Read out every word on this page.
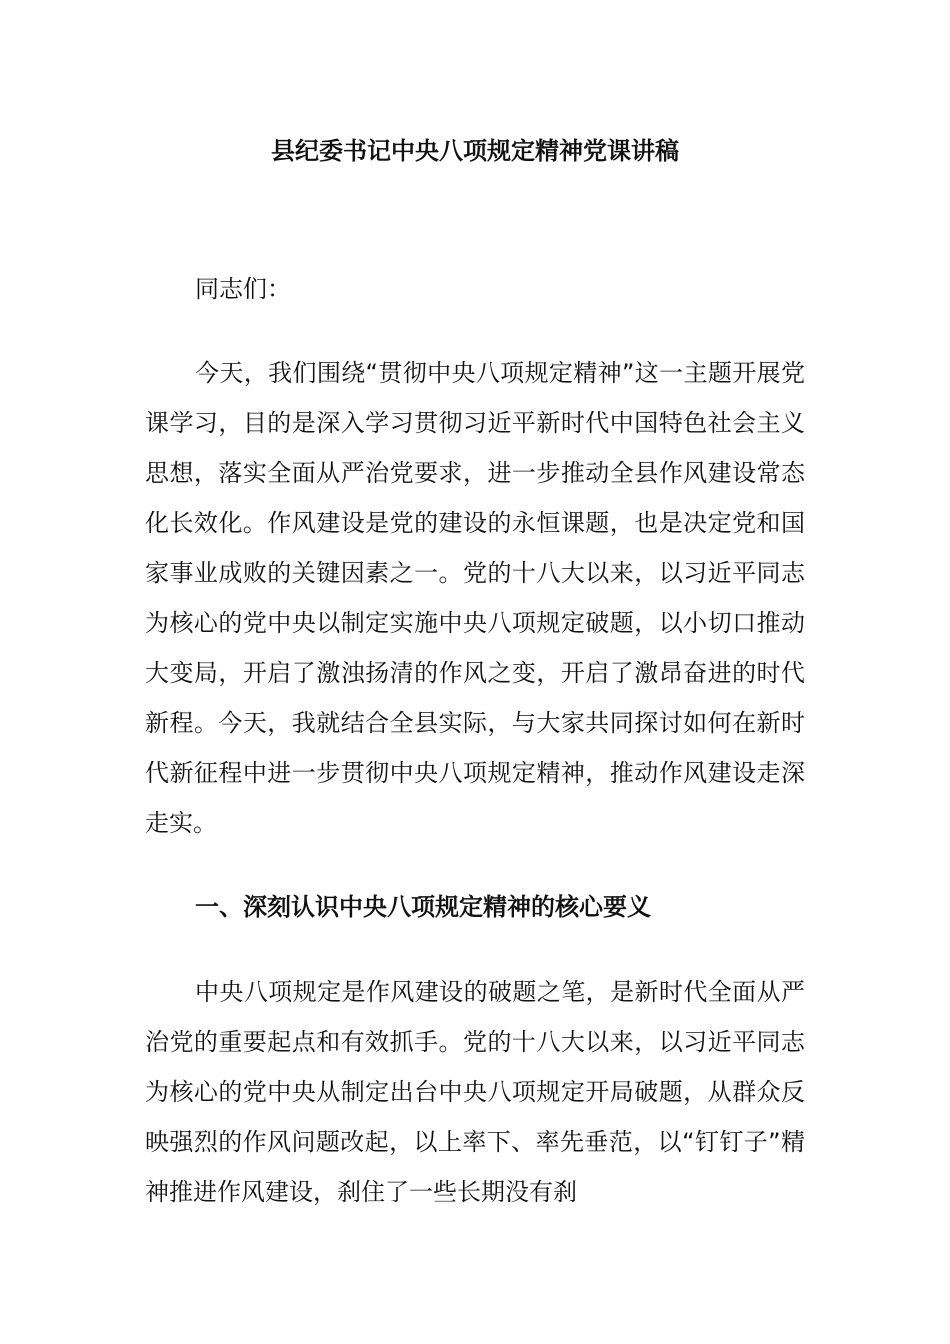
县纪委书记中央八项规定精神党课讲稿

同志们：

今天，我们围绕“贯彻中央八项规定精神”这一主题开展党课学习，目的是深入学习贯彻习近平新时代中国特色社会主义思想，落实全面从严治党要求，进一步推动全县作风建设常态化长效化。作风建设是党的建设的永恒课题，也是决定党和国家事业成败的关键因素之一。党的十八大以来，以习近平同志为核心的党中央以制定实施中央八项规定破题，以小切口推动大变局，开启了激浊扬清的作风之变，开启了激昂奋进的时代新程。今天，我就结合全县实际，与大家共同探讨如何在新时代新征程中进一步贯彻中央八项规定精神，推动作风建设走深走实。

一、深刻认识中央八项规定精神的核心要义

中央八项规定是作风建设的破题之笔，是新时代全面从严治党的重要起点和有效抓手。党的十八大以来，以习近平同志为核心的党中央从制定出台中央八项规定开局破题，从群众反映强烈的作风问题改起，以上率下、率先垂范，以“钉钉子”精神推进作风建设，刹住了一些长期没有刹
